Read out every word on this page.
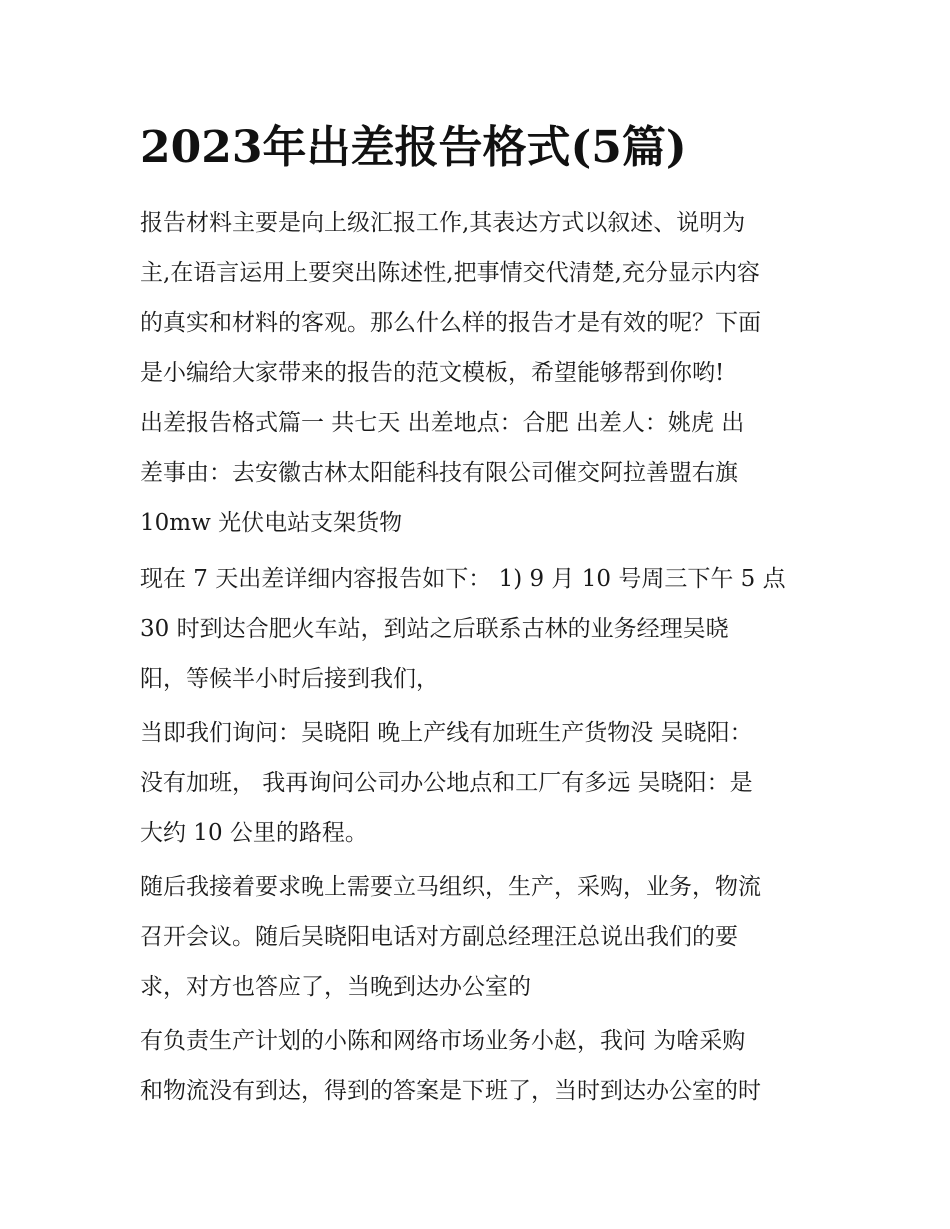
2023年出差报告格式(5篇)

报告材料主要是向上级汇报工作,其表达方式以叙述、说明为

主,在语言运用上要突出陈述性,把事情交代清楚,充分显示内容

的真实和材料的客观。那么什么样的报告才是有效的呢？下面

是小编给大家带来的报告的范文模板，希望能够帮到你哟!

出差报告格式篇一 共七天 出差地点：合肥 出差人：姚虎 出

差事由：去安徽古林太阳能科技有限公司催交阿拉善盟右旗

10mw 光伏电站支架货物

现在 7 天出差详细内容报告如下： 1) 9 月 10 号周三下午 5 点

30 时到达合肥火车站，到站之后联系古林的业务经理吴晓

阳，等候半小时后接到我们，

当即我们询问：吴晓阳 晚上产线有加班生产货物没 吴晓阳：

没有加班， 我再询问公司办公地点和工厂有多远 吴晓阳：是

大约 10 公里的路程。

随后我接着要求晚上需要立马组织，生产，采购，业务，物流

召开会议。随后吴晓阳电话对方副总经理汪总说出我们的要

求，对方也答应了，当晚到达办公室的

有负责生产计划的小陈和网络市场业务小赵，我问 为啥采购

和物流没有到达，得到的答案是下班了，当时到达办公室的时
